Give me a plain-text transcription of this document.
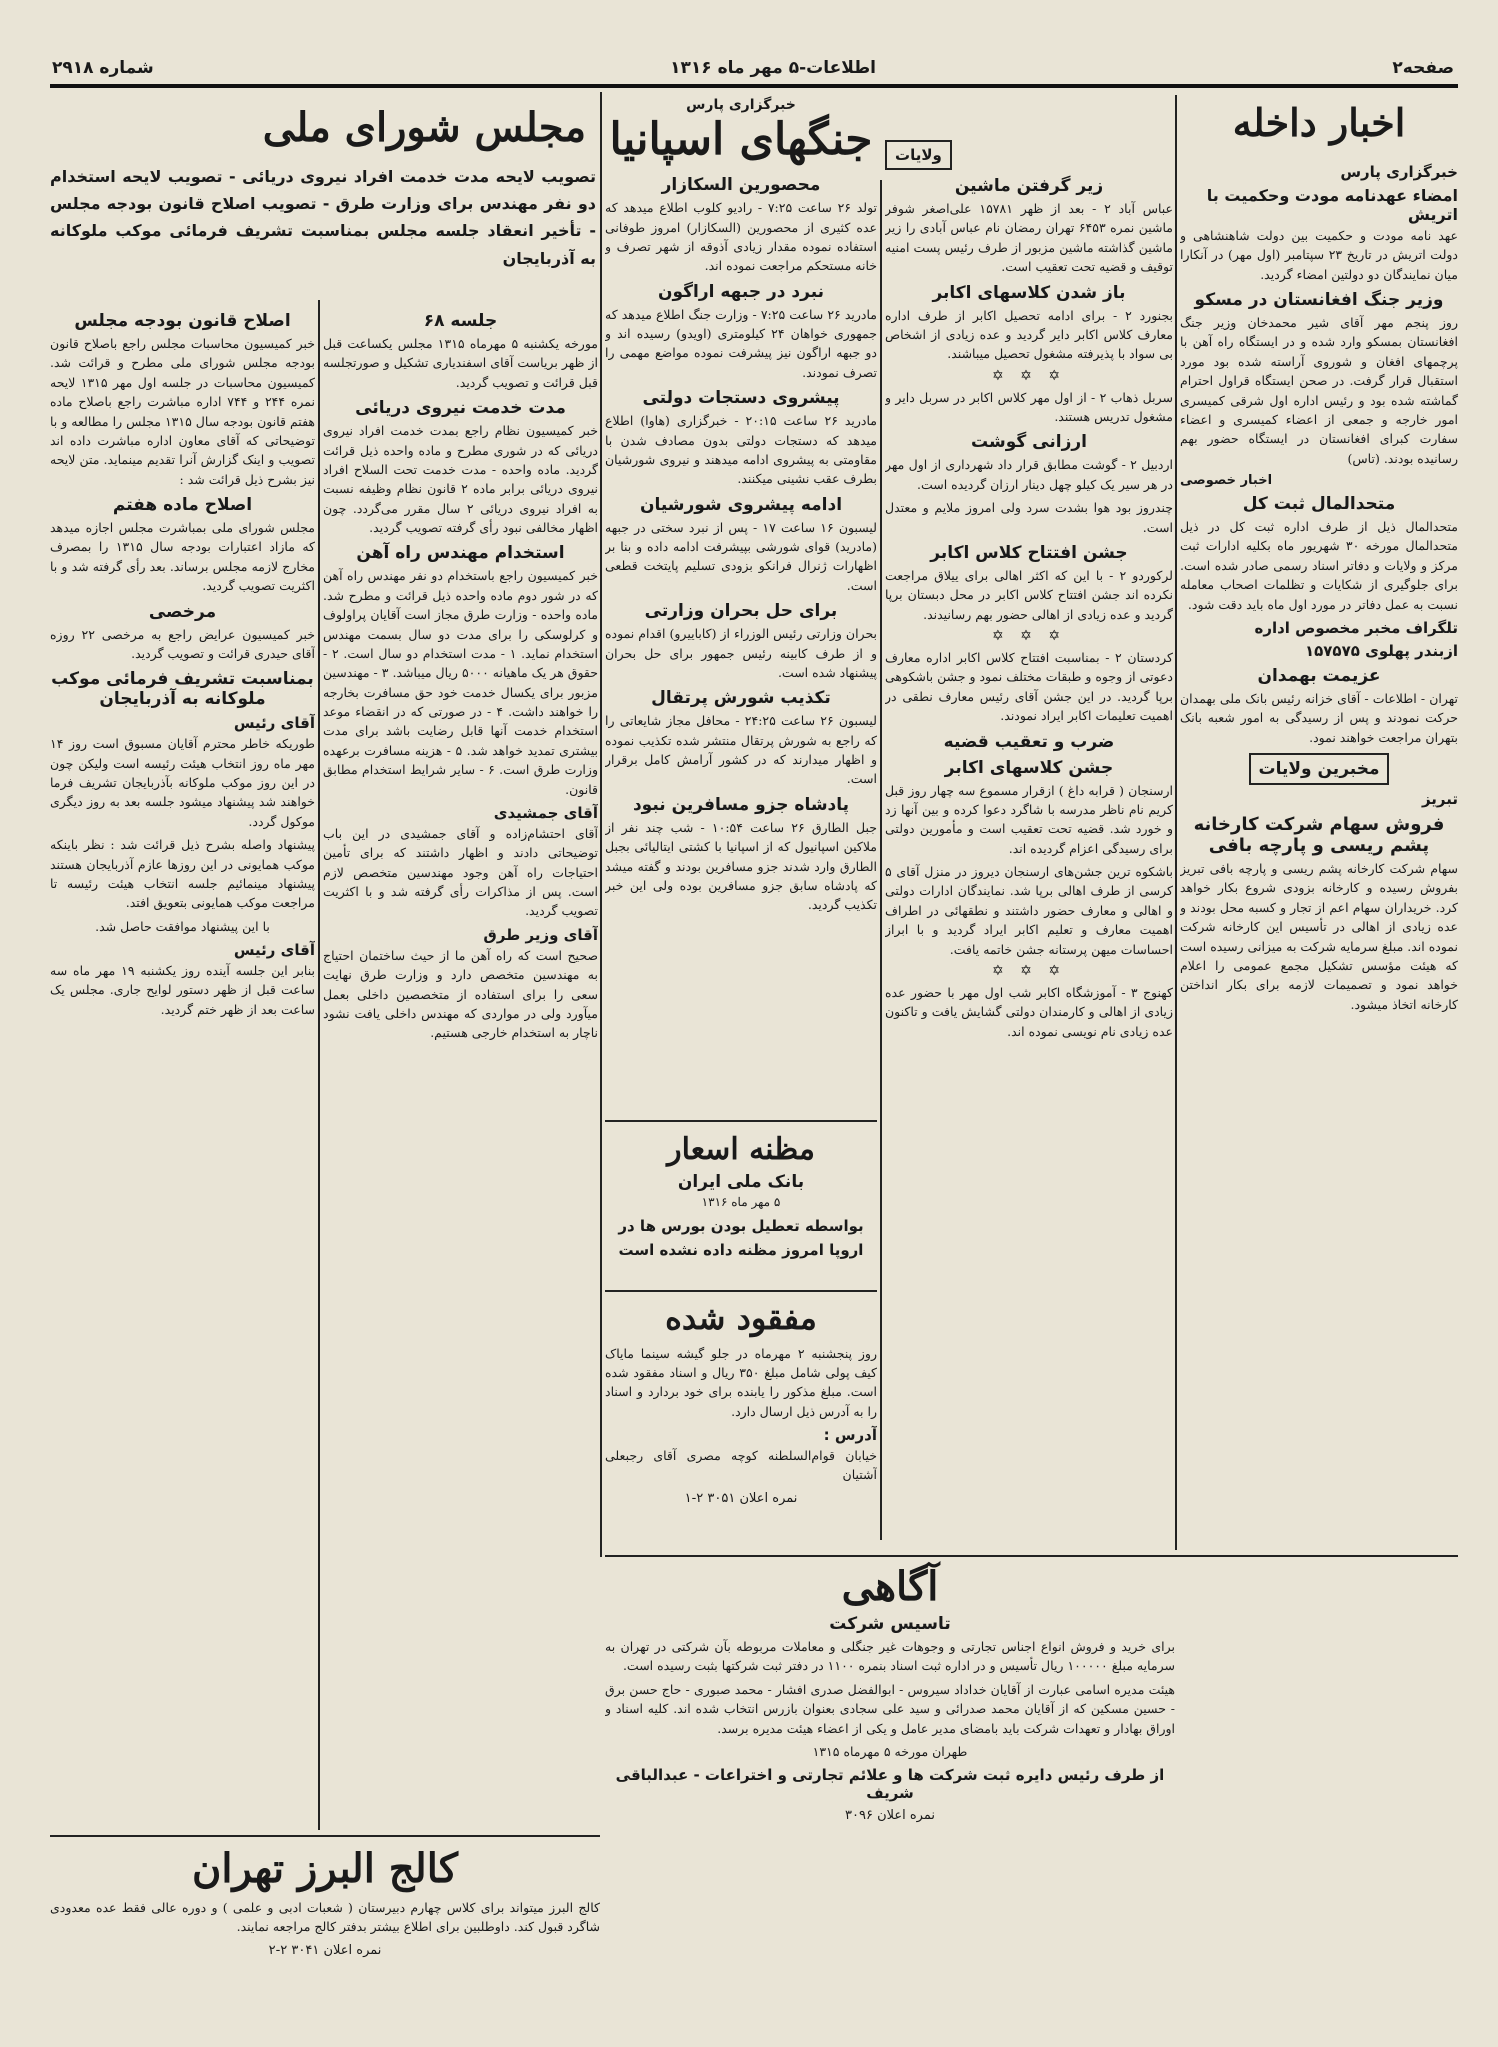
صفحه۲
اطلاعات-۵ مهر ماه ۱۳۱۶
شماره ۲۹۱۸
اخبار داخله
خبرگزاری پارس
امضاء عهدنامه مودت وحکمیت با اتریش

عهد نامه مودت و حکمیت بین دولت شاهنشاهی و دولت اتریش در تاریخ ۲۳ سپتامبر (اول مهر) در آنکارا میان نمایندگان دو دولتین امضاء گردید.

وزیر جنگ افغانستان در مسکو

روز پنجم مهر آقای شیر محمدخان وزیر جنگ افغانستان بمسکو وارد شده و در ایستگاه راه آهن با پرچمهای افغان و شوروی آراسته شده بود مورد استقبال قرار گرفت. در صحن ایستگاه قراول احترام گماشته شده بود و رئیس اداره اول شرقی کمیسری امور خارجه و جمعی از اعضاء کمیسری و اعضاء سفارت کبرای افغانستان در ایستگاه حضور بهم رسانیده بودند. (تاس)

اخبار خصوصی
متحدالمال ثبت کل

متحدالمال ذیل از طرف اداره ثبت کل در ذیل متحدالمال مورخه ۳۰ شهریور ماه بکلیه ادارات ثبت مرکز و ولایات و دفاتر اسناد رسمی صادر شده است. برای جلوگیری از شکایات و تظلمات اصحاب معامله نسبت به عمل دفاتر در مورد اول ماه باید دقت شود.

تلگراف مخبر مخصوص اداره
ازبندر پهلوی ۱۵۷۵۷۵
عزیمت بهمدان

تهران - اطلاعات - آقای خزانه رئیس بانک ملی بهمدان حرکت نمودند و پس از رسیدگی به امور شعبه بانک بتهران مراجعت خواهند نمود.

مخبرین ولایات
تبریز
فروش سهام شرکت کارخانه پشم ریسی و پارچه بافی

سهام شرکت کارخانه پشم ریسی و پارچه بافی تبریز بفروش رسیده و کارخانه بزودی شروع بکار خواهد کرد. خریداران سهام اعم از تجار و کسبه محل بودند و عده زیادی از اهالی در تأسیس این کارخانه شرکت نموده اند. مبلغ سرمایه شرکت به میزانی رسیده است که هیئت مؤسس تشکیل مجمع عمومی را اعلام خواهد نمود و تصمیمات لازمه برای بکار انداختن کارخانه اتخاذ میشود.

ولایات
زیر گرفتن ماشین

عباس آباد ۲ - بعد از ظهر ۱۵۷۸۱ علی‌اصغر شوفر ماشین نمره ۶۴۵۳ تهران رمضان نام عباس آبادی را زیر ماشین گذاشته ماشین مزبور از طرف رئیس پست امنیه توقیف و قضیه تحت تعقیب است.

باز شدن کلاسهای اکابر

بجنورد ۲ - برای ادامه تحصیل اکابر از طرف اداره معارف کلاس اکابر دایر گردید و عده زیادی از اشخاص بی سواد با پذیرفته مشغول تحصیل میباشند.

✡ ✡ ✡

سربل ذهاب ۲ - از اول مهر کلاس اکابر در سربل دایر و مشغول تدریس هستند.

ارزانی گوشت

اردبیل ۲ - گوشت مطابق قرار داد شهرداری از اول مهر در هر سیر یک کیلو چهل دینار ارزان گردیده است.

چندروز بود هوا بشدت سرد ولی امروز ملایم و معتدل است.

جشن افتتاح کلاس اکابر

لرکوردو ۲ - با این که اکثر اهالی برای ییلاق مراجعت نکرده اند جشن افتتاح کلاس اکابر در محل دبستان برپا گردید و عده زیادی از اهالی حضور بهم رسانیدند.

✡ ✡ ✡

کردستان ۲ - بمناسبت افتتاح کلاس اکابر اداره معارف دعوتی از وجوه و طبقات مختلف نمود و جشن باشکوهی برپا گردید. در این جشن آقای رئیس معارف نطقی در اهمیت تعلیمات اکابر ایراد نمودند.

ضرب و تعقیب قضیه
جشن کلاسهای اکابر

ارسنجان ( قرابه داغ ) ازقرار مسموع سه چهار روز قبل کریم نام ناظر مدرسه با شاگرد دعوا کرده و بین آنها زد و خورد شد. قضیه تحت تعقیب است و مأمورین دولتی برای رسیدگی اعزام گردیده اند.

باشکوه ترین جشن‌های ارسنجان دیروز در منزل آقای ۵ کرسی از طرف اهالی برپا شد. نمایندگان ادارات دولتی و اهالی و معارف حضور داشتند و نطقهائی در اطراف اهمیت معارف و تعلیم اکابر ایراد گردید و با ابراز احساسات میهن پرستانه جشن خاتمه یافت.

✡ ✡ ✡

کهنوج ۳ - آموزشگاه اکابر شب اول مهر با حضور عده زیادی از اهالی و کارمندان دولتی گشایش یافت و تاکنون عده زیادی نام نویسی نموده اند.

خبرگزاری پارس
جنگهای اسپانیا
محصورین السکازار

تولد ۲۶ ساعت ۷:۲۵ - رادیو کلوب اطلاع میدهد که عده کثیری از محصورین (السکازار) امروز طوفانی استفاده نموده مقدار زیادی آذوقه از شهر تصرف و خانه مستحکم مراجعت نموده اند.

نبرد در جبهه اراگون

مادرید ۲۶ ساعت ۷:۲۵ - وزارت جنگ اطلاع میدهد که جمهوری خواهان ۲۴ کیلومتری (اویدو) رسیده اند و دو جبهه اراگون نیز پیشرفت نموده مواضع مهمی را تصرف نمودند.

پیشروی دستجات دولتی

مادرید ۲۶ ساعت ۲۰:۱۵ - خبرگزاری (هاوا) اطلاع میدهد که دستجات دولتی بدون مصادف شدن با مقاومتی به پیشروی ادامه میدهند و نیروی شورشیان بطرف عقب نشینی میکنند.

ادامه پیشروی شورشیان

لیسبون ۱۶ ساعت ۱۷ - پس از نبرد سختی در جبهه (مادرید) قوای شورشی بپیشرفت ادامه داده و بنا بر اظهارات ژنرال فرانکو بزودی تسلیم پایتخت قطعی است.

برای حل بحران وزارتی

بحران وزارتی رئیس الوزراء از (کاباییرو) اقدام نموده و از طرف کابینه رئیس جمهور برای حل بحران پیشنهاد شده است.

تکذیب شورش پرتقال

لیسبون ۲۶ ساعت ۲۴:۲۵ - محافل مجاز شایعاتی را که راجع به شورش پرتقال منتشر شده تکذیب نموده و اظهار میدارند که در کشور آرامش کامل برقرار است.

پادشاه جزو مسافرین نبود

جبل الطارق ۲۶ ساعت ۱۰:۵۴ - شب چند نفر از ملاکین اسپانیول که از اسپانیا با کشتی ایتالیائی بجبل الطارق وارد شدند جزو مسافرین بودند و گفته میشد که پادشاه سابق جزو مسافرین بوده ولی این خبر تکذیب گردید.

مظنه اسعار
بانک ملی ایران
۵ مهر ماه ۱۳۱۶
بواسطه تعطیل بودن بورس ها در اروپا امروز مظنه داده نشده است
مفقود شده

روز پنجشنبه ۲ مهرماه در جلو گیشه سینما مایاک کیف پولی شامل مبلغ ۳۵۰ ریال و اسناد مفقود شده است. مبلغ مذکور را یابنده برای خود بردارد و اسناد را به آدرس ذیل ارسال دارد.

آدرس :

خیابان قوام‌السلطنه کوچه مصری آقای رجبعلی آشتیان

نمره اعلان ۳۰۵۱ ۲-۱
مجلس شورای ملی
تصویب لایحه مدت خدمت افراد نیروی دریائی - تصویب لایحه استخدام دو نفر مهندس برای وزارت طرق - تصویب اصلاح قانون بودجه مجلس - تأخیر انعقاد جلسه مجلس بمناسبت تشریف فرمائی موکب ملوکانه به آذربایجان
جلسه ۶۸

مورخه یکشنبه ۵ مهرماه ۱۳۱۵ مجلس یکساعت قبل از ظهر بریاست آقای اسفندیاری تشکیل و صورتجلسه قبل قرائت و تصویب گردید.

مدت خدمت نیروی دریائی

خبر کمیسیون نظام راجع بمدت خدمت افراد نیروی دریائی که در شوری مطرح و ماده واحده ذیل قرائت گردید. ماده واحده - مدت خدمت تحت السلاح افراد نیروی دریائی برابر ماده ۲ قانون نظام وظیفه نسبت به افراد نیروی دریائی ۲ سال مقرر می‌گردد. چون اظهار مخالفی نبود رأی گرفته تصویب گردید.

استخدام مهندس راه آهن

خبر کمیسیون راجع باستخدام دو نفر مهندس راه آهن که در شور دوم ماده واحده ذیل قرائت و مطرح شد. ماده واحده - وزارت طرق مجاز است آقایان پراولوف و کرلوسکی را برای مدت دو سال بسمت مهندس استخدام نماید. ۱ - مدت استخدام دو سال است. ۲ - حقوق هر یک ماهیانه ۵۰۰۰ ریال میباشد. ۳ - مهندسین مزبور برای یکسال خدمت خود حق مسافرت بخارجه را خواهند داشت. ۴ - در صورتی که در انقضاء موعد استخدام خدمت آنها قابل رضایت باشد برای مدت بیشتری تمدید خواهد شد. ۵ - هزینه مسافرت برعهده وزارت طرق است. ۶ - سایر شرایط استخدام مطابق قانون.

آقای جمشیدی

آقای احتشام‌زاده و آقای جمشیدی در این باب توضیحاتی دادند و اظهار داشتند که برای تأمین احتیاجات راه آهن وجود مهندسین متخصص لازم است. پس از مذاکرات رأی گرفته شد و با اکثریت تصویب گردید.

آقای وزیر طرق

صحیح است که راه آهن ما از حیث ساختمان احتیاج به مهندسین متخصص دارد و وزارت طرق نهایت سعی را برای استفاده از متخصصین داخلی بعمل میآورد ولی در مواردی که مهندس داخلی یافت نشود ناچار به استخدام خارجی هستیم.

اصلاح قانون بودجه مجلس

خبر کمیسیون محاسبات مجلس راجع باصلاح قانون بودجه مجلس شورای ملی مطرح و قرائت شد. کمیسیون محاسبات در جلسه اول مهر ۱۳۱۵ لایحه نمره ۲۴۴ و ۷۴۴ اداره مباشرت راجع باصلاح ماده هفتم قانون بودجه سال ۱۳۱۵ مجلس را مطالعه و با توضیحاتی که آقای معاون اداره مباشرت داده اند تصویب و اینک گزارش آنرا تقدیم مینماید. متن لایحه نیز بشرح ذیل قرائت شد :

اصلاح ماده هفتم

مجلس شورای ملی بمباشرت مجلس اجازه میدهد که مازاد اعتبارات بودجه سال ۱۳۱۵ را بمصرف مخارج لازمه مجلس برساند. بعد رأی گرفته شد و با اکثریت تصویب گردید.

مرخصی

خبر کمیسیون عرایض راجع به مرخصی ۲۲ روزه آقای حیدری قرائت و تصویب گردید.

بمناسبت تشریف فرمائی موکب ملوکانه به آذربایجان
آقای رئیس

طوریکه خاطر محترم آقایان مسبوق است روز ۱۴ مهر ماه روز انتخاب هیئت رئیسه است ولیکن چون در این روز موکب ملوکانه بآذربایجان تشریف فرما خواهند شد پیشنهاد میشود جلسه بعد به روز دیگری موکول گردد.

پیشنهاد واصله بشرح ذیل قرائت شد : نظر باینکه موکب همایونی در این روزها عازم آذربایجان هستند پیشنهاد مینمائیم جلسه انتخاب هیئت رئیسه تا مراجعت موکب همایونی بتعویق افتد.

با این پیشنهاد موافقت حاصل شد.

آقای رئیس

بنابر این جلسه آینده روز یکشنبه ۱۹ مهر ماه سه ساعت قبل از ظهر دستور لوایح جاری. مجلس یک ساعت بعد از ظهر ختم گردید.

آگاهی
تاسیس شرکت

برای خرید و فروش انواع اجناس تجارتی و وجوهات غیر جنگلی و معاملات مربوطه بآن شرکتی در تهران به سرمایه مبلغ ۱۰۰۰۰۰ ریال تأسیس و در اداره ثبت اسناد بنمره ۱۱۰۰ در دفتر ثبت شرکتها بثبت رسیده است.

هیئت مدیره اسامی عبارت از آقایان خداداد سیروس - ابوالفضل صدری افشار - محمد صبوری - حاج حسن برق - حسین مسکین که از آقایان محمد صدرائی و سید علی سجادی بعنوان بازرس انتخاب شده اند. کلیه اسناد و اوراق بهادار و تعهدات شرکت باید بامضای مدیر عامل و یکی از اعضاء هیئت مدیره برسد.

طهران مورخه ۵ مهرماه ۱۳۱۵

از طرف رئیس دایره ثبت شرکت ها و علائم تجارتی و اختراعات - عبدالباقی شریف
نمره اعلان ۳۰۹۶
کالج البرز تهران

کالج البرز میتواند برای کلاس چهارم دبیرستان ( شعبات ادبی و علمی ) و دوره عالی فقط عده معدودی شاگرد قبول کند. داوطلبین برای اطلاع بیشتر بدفتر کالج مراجعه نمایند.

نمره اعلان ۳۰۴۱ ۲-۲
